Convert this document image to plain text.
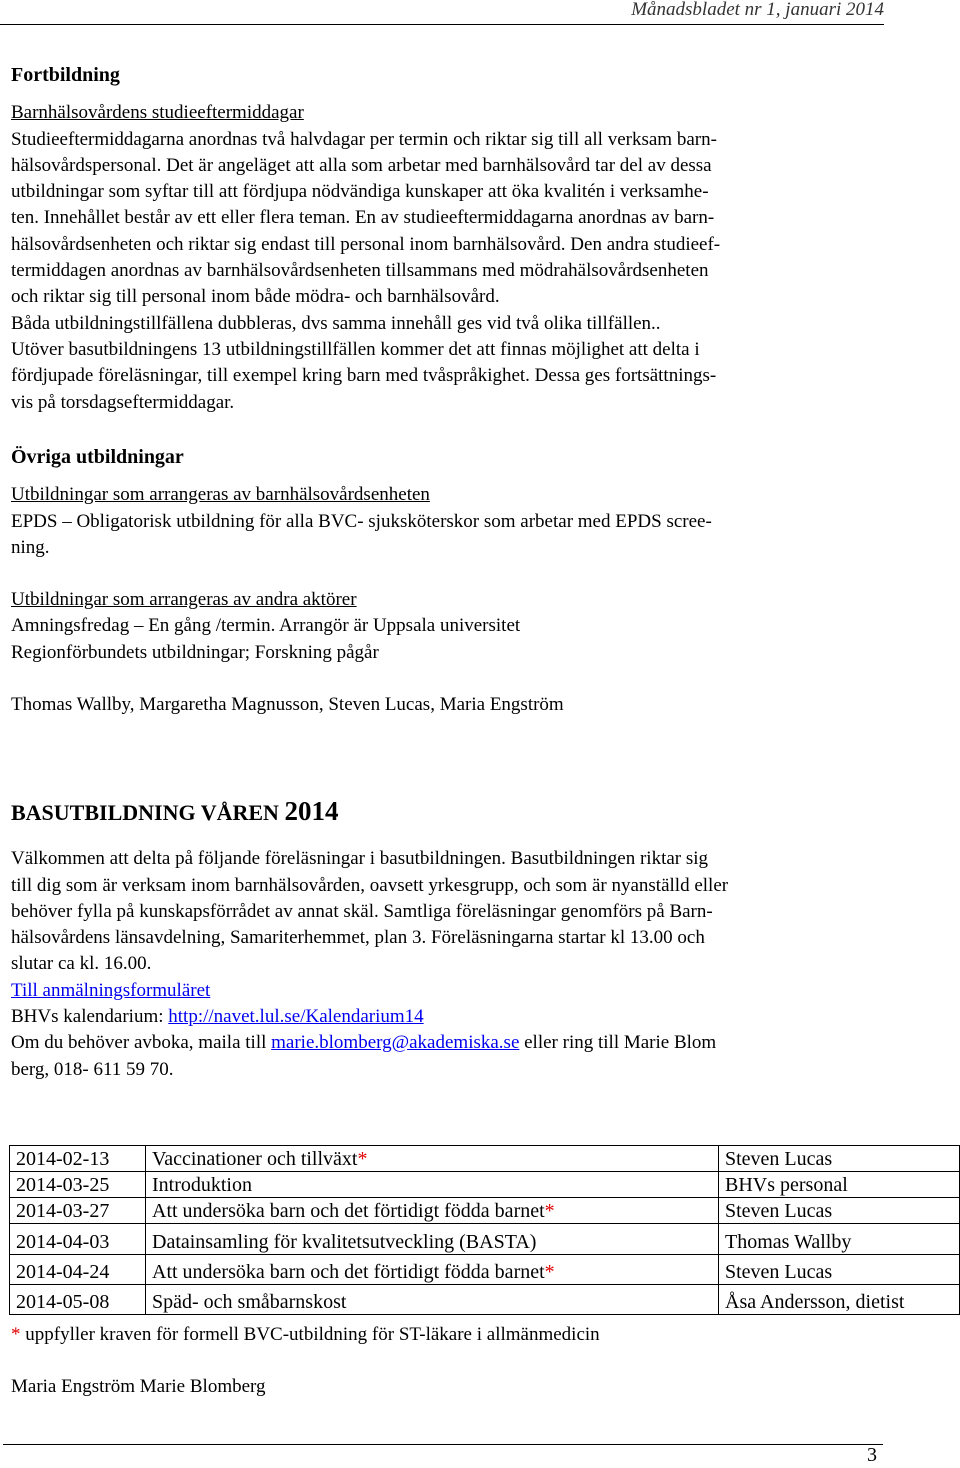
Månadsbladet nr 1, januari 2014
Fortbildning
Barnhälsovårdens studieeftermiddagar
Studieeftermiddagarna anordnas två halvdagar per termin och riktar sig till all verksam barn-
hälsovårdspersonal. Det är angeläget att alla som arbetar med barnhälsovård tar del av dessa
utbildningar som syftar till att fördjupa nödvändiga kunskaper att öka kvalitén i verksamhe-
ten. Innehållet består av ett eller flera teman. En av studieeftermiddagarna anordnas av barn-
hälsovårdsenheten och riktar sig endast till personal inom barnhälsovård. Den andra studieef-
termiddagen anordnas av barnhälsovårdsenheten tillsammans med mödrahälsovårdsenheten
och riktar sig till personal inom både mödra- och barnhälsovård.
Båda utbildningstillfällena dubbleras, dvs samma innehåll ges vid två olika tillfällen..
Utöver basutbildningens 13 utbildningstillfällen kommer det att finnas möjlighet att delta i
fördjupade föreläsningar, till exempel kring barn med tvåspråkighet. Dessa ges fortsättnings-
vis på torsdagseftermiddagar.
Övriga utbildningar
Utbildningar som arrangeras av barnhälsovårdsenheten
EPDS – Obligatorisk utbildning för alla BVC- sjuksköterskor som arbetar med EPDS scree-
ning.
Utbildningar som arrangeras av andra aktörer
Amningsfredag – En gång /termin. Arrangör är Uppsala universitet
Regionförbundets utbildningar; Forskning pågår
Thomas Wallby, Margaretha Magnusson, Steven Lucas, Maria Engström
BASUTBILDNING VÅREN 2014
Välkommen att delta på följande föreläsningar i basutbildningen. Basutbildningen riktar sig
till dig som är verksam inom barnhälsovården, oavsett yrkesgrupp, och som är nyanställd eller
behöver fylla på kunskapsförrådet av annat skäl. Samtliga föreläsningar genomförs på Barn-
hälsovårdens länsavdelning, Samariterhemmet, plan 3. Föreläsningarna startar kl 13.00 och
slutar ca kl. 16.00.
Till anmälningsformuläret
BHVs kalendarium: http://navet.lul.se/Kalendarium14
Om du behöver avboka, maila till marie.blomberg@akademiska.se eller ring till Marie Blom
berg, 018- 611 59 70.
2014-02-13	Vaccinationer och tillväxt*	Steven Lucas
2014-03-25	Introduktion	BHVs personal
2014-03-27	Att undersöka barn och det förtidigt födda barnet*	Steven Lucas
2014-04-03	Datainsamling för kvalitetsutveckling (BASTA)	Thomas Wallby
2014-04-24	Att undersöka barn och det förtidigt födda barnet*	Steven Lucas
2014-05-08	Späd- och småbarnskost	Åsa Andersson, dietist
* uppfyller kraven för formell BVC-utbildning för ST-läkare i allmänmedicin
Maria Engström Marie Blomberg
3
